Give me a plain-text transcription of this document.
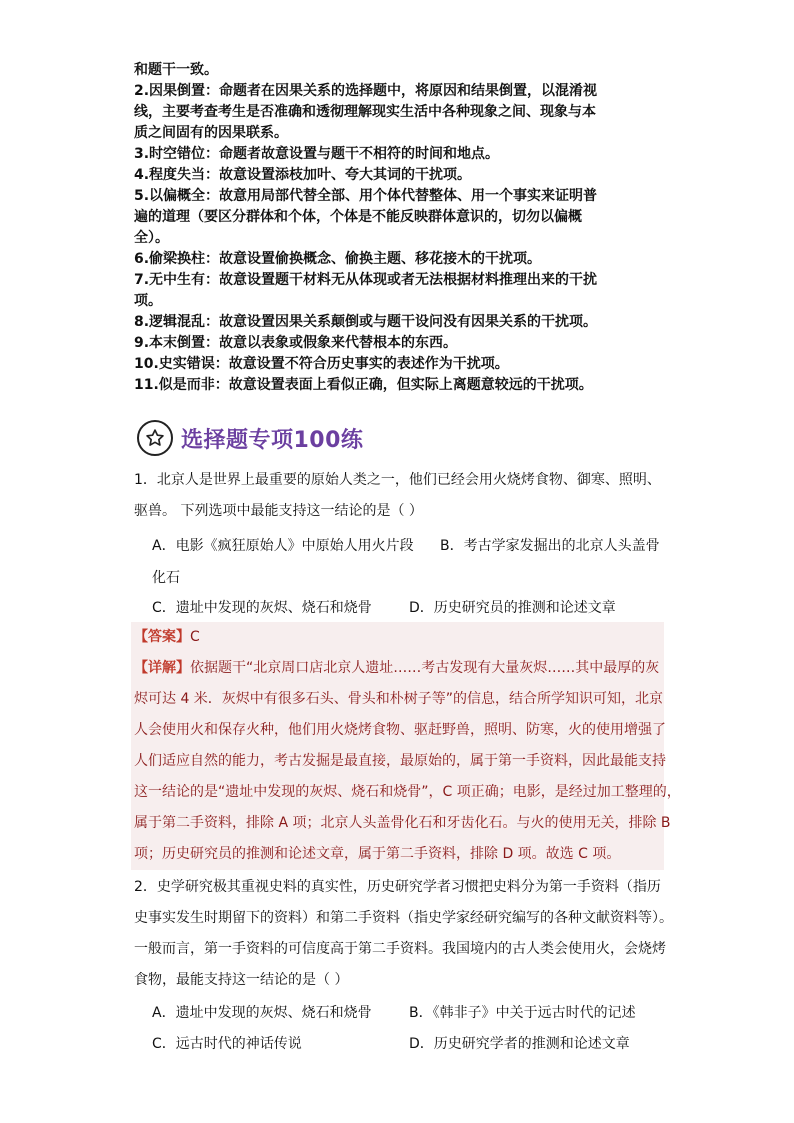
和题干一致。

2.因果倒置：命题者在因果关系的选择题中，将原因和结果倒置，以混淆视

线，主要考查考生是否准确和透彻理解现实生活中各种现象之间、现象与本

质之间固有的因果联系。

3.时空错位：命题者故意设置与题干不相符的时间和地点。

4.程度失当：故意设置添枝加叶、夸大其词的干扰项。

5.以偏概全：故意用局部代替全部、用个体代替整体、用一个事实来证明普

遍的道理（要区分群体和个体，个体是不能反映群体意识的，切勿以偏概

全）。

6.偷梁换柱：故意设置偷换概念、偷换主题、移花接木的干扰项。

7.无中生有：故意设置题干材料无从体现或者无法根据材料推理出来的干扰

项。

8.逻辑混乱：故意设置因果关系颠倒或与题干设问没有因果关系的干扰项。

9.本末倒置：故意以表象或假象来代替根本的东西。

10.史实错误：故意设置不符合历史事实的表述作为干扰项。

11.似是而非：故意设置表面上看似正确，但实际上离题意较远的干扰项。

选择题专项100练
1．北京人是世界上最重要的原始人类之一，他们已经会用火烧烤食物、御寒、照明、
驱兽。 下列选项中最能支持这一结论的是（ ）
A．电影《疯狂原始人》中原始人用火片段 B．考古学家发掘出的北京人头盖骨
化石
C．遗址中发现的灰烬、烧石和烧骨	D．历史研究员的推测和论述文章
【答案】C
【详解】依据题干“北京周口店北京人遗址……考古发现有大量灰烬……其中最厚的灰
烬可达 4 米．灰烬中有很多石头、骨头和朴树子等”的信息，结合所学知识可知，北京
人会使用火和保存火种，他们用火烧烤食物、驱赶野兽，照明、防寒，火的使用增强了
人们适应自然的能力，考古发掘是最直接，最原始的，属于第一手资料，因此最能支持
这一结论的是“遗址中发现的灰烬、烧石和烧骨”，C 项正确；电影，是经过加工整理的，
属于第二手资料，排除 A 项；北京人头盖骨化石和牙齿化石。与火的使用无关，排除 B
项；历史研究员的推测和论述文章，属于第二手资料，排除 D 项。故选 C 项。
2．史学研究极其重视史料的真实性，历史研究学者习惯把史料分为第一手资料（指历
史事实发生时期留下的资料）和第二手资料（指史学家经研究编写的各种文献资料等）。
一般而言，第一手资料的可信度高于第二手资料。我国境内的古人类会使用火，会烧烤
食物，最能支持这一结论的是（ ）
A．遗址中发现的灰烬、烧石和烧骨	B．《韩非子》中关于远古时代的记述
C．远古时代的神话传说	D．历史研究学者的推测和论述文章
